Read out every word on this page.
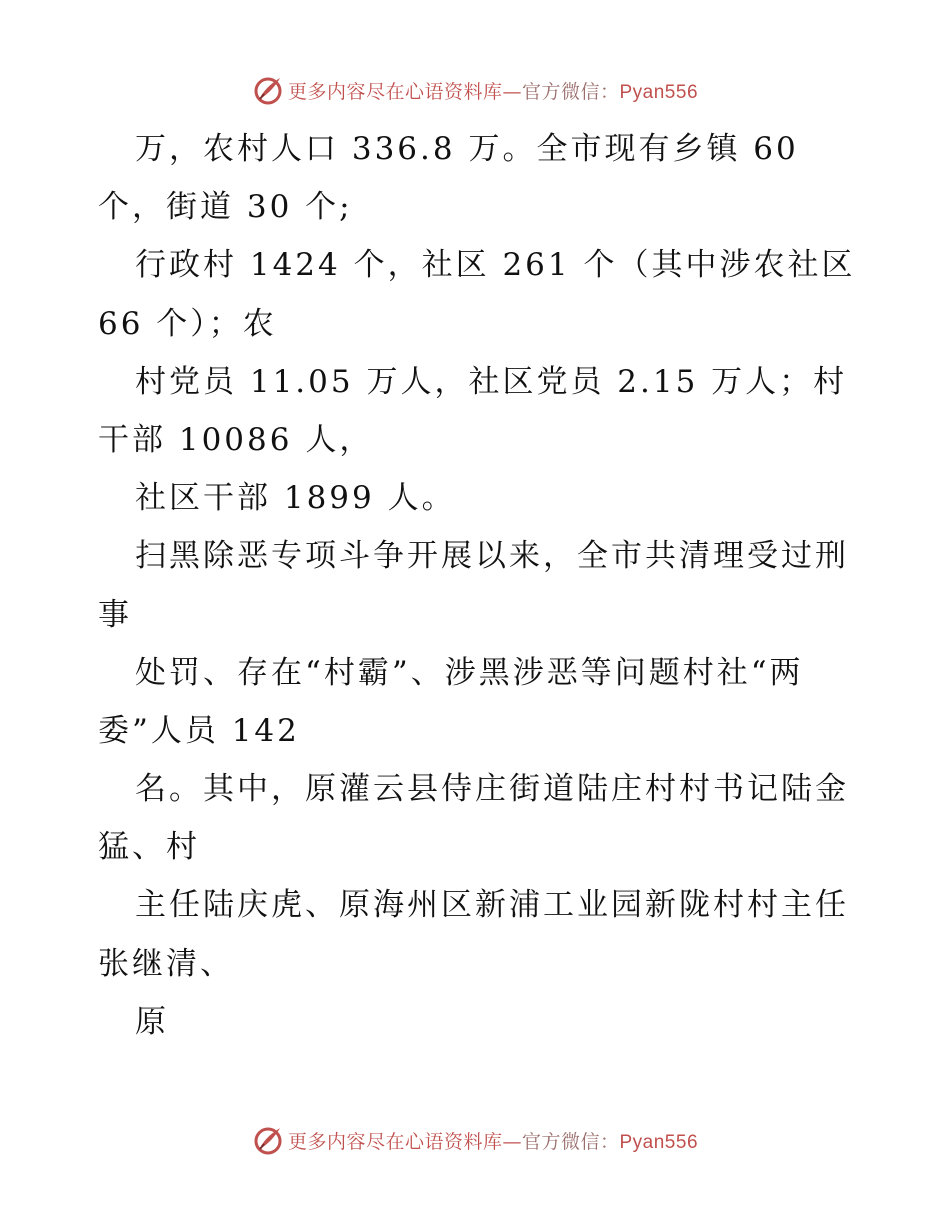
更多内容尽在心语资料库—官方微信：Pyan556
万，农村人口 336.8 万。全市现有乡镇 60
个，街道 30 个;
行政村 1424 个，社区 261 个（其中涉农社区
66 个）；农
村党员 11.05 万人，社区党员 2.15 万人；村
干部 10086 人，
社区干部 1899 人。
扫黑除恶专项斗争开展以来，全市共清理受过刑
事
处罚、存在“村霸”、涉黑涉恶等问题村社“两
委”人员 142
名。其中，原灌云县侍庄街道陆庄村村书记陆金
猛、村
主任陆庆虎、原海州区新浦工业园新陇村村主任
张继清、
原
更多内容尽在心语资料库—官方微信：Pyan556
